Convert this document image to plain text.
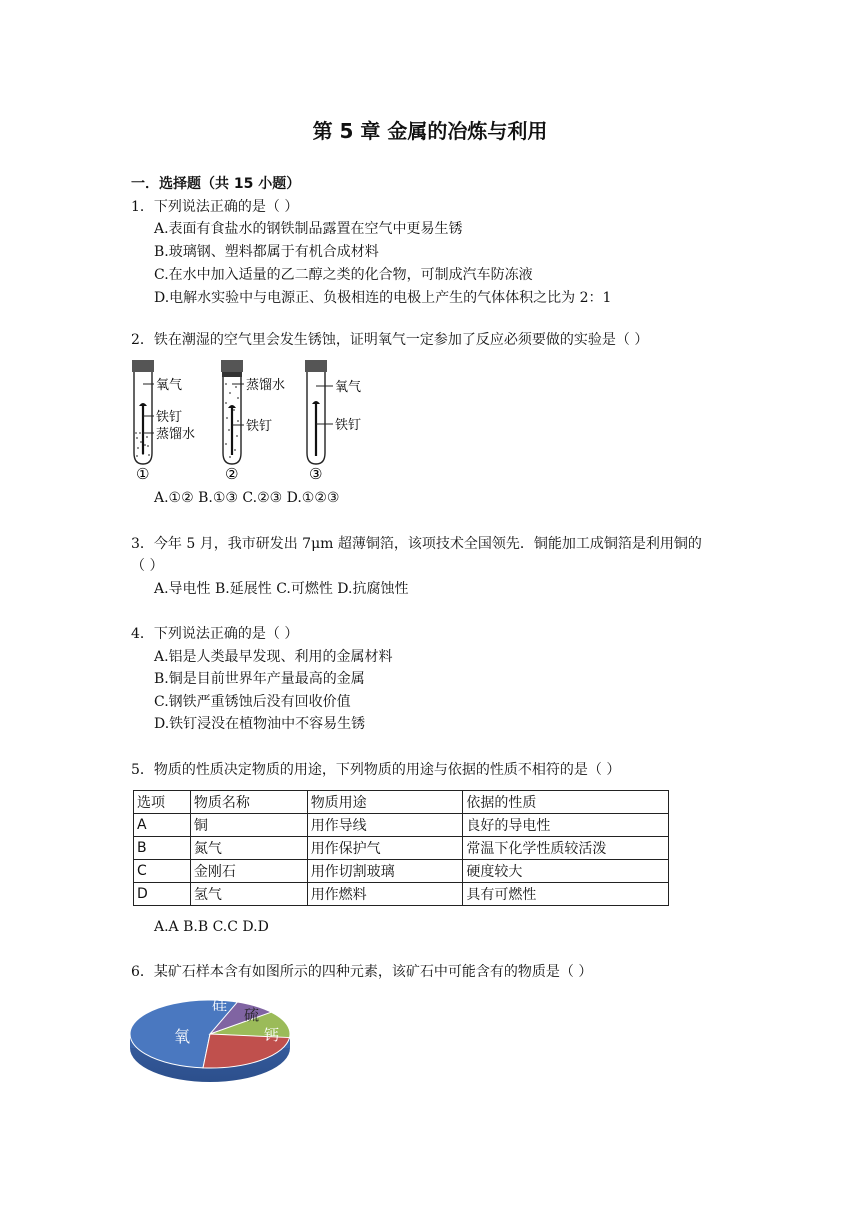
第 5 章 金属的冶炼与利用
一．选择题（共 15 小题）
1．下列说法正确的是（ ）
A.表面有食盐水的钢铁制品露置在空气中更易生锈
B.玻璃钢、塑料都属于有机合成材料
C.在水中加入适量的乙二醇之类的化合物，可制成汽车防冻液
D.电解水实验中与电源正、负极相连的电极上产生的气体体积之比为 2：1
2．铁在潮湿的空气里会发生锈蚀，证明氧气一定参加了反应必须要做的实验是（ ）
氧气
铁钉
蒸馏水
①
蒸馏水
铁钉
②
氧气
铁钉
③
A.①② B.①③ C.②③ D.①②③
3．今年 5 月，我市研发出 7μm 超薄铜箔，该项技术全国领先．铜能加工成铜箔是利用铜的
（ ）
A.导电性 B.延展性 C.可燃性 D.抗腐蚀性
4．下列说法正确的是（ ）
A.铝是人类最早发现、利用的金属材料
B.铜是目前世界年产量最高的金属
C.钢铁严重锈蚀后没有回收价值
D.铁钉浸没在植物油中不容易生锈
5．物质的性质决定物质的用途，下列物质的用途与依据的性质不相符的是（ ）
选项	物质名称	物质用途	依据的性质
A	铜	用作导线	良好的导电性
B	氮气	用作保护气	常温下化学性质较活泼
C	金刚石	用作切割玻璃	硬度较大
D	氢气	用作燃料	具有可燃性
A.A B.B C.C D.D
6．某矿石样本含有如图所示的四种元素，该矿石中可能含有的物质是（ ）
氧
硅
硫
钙
